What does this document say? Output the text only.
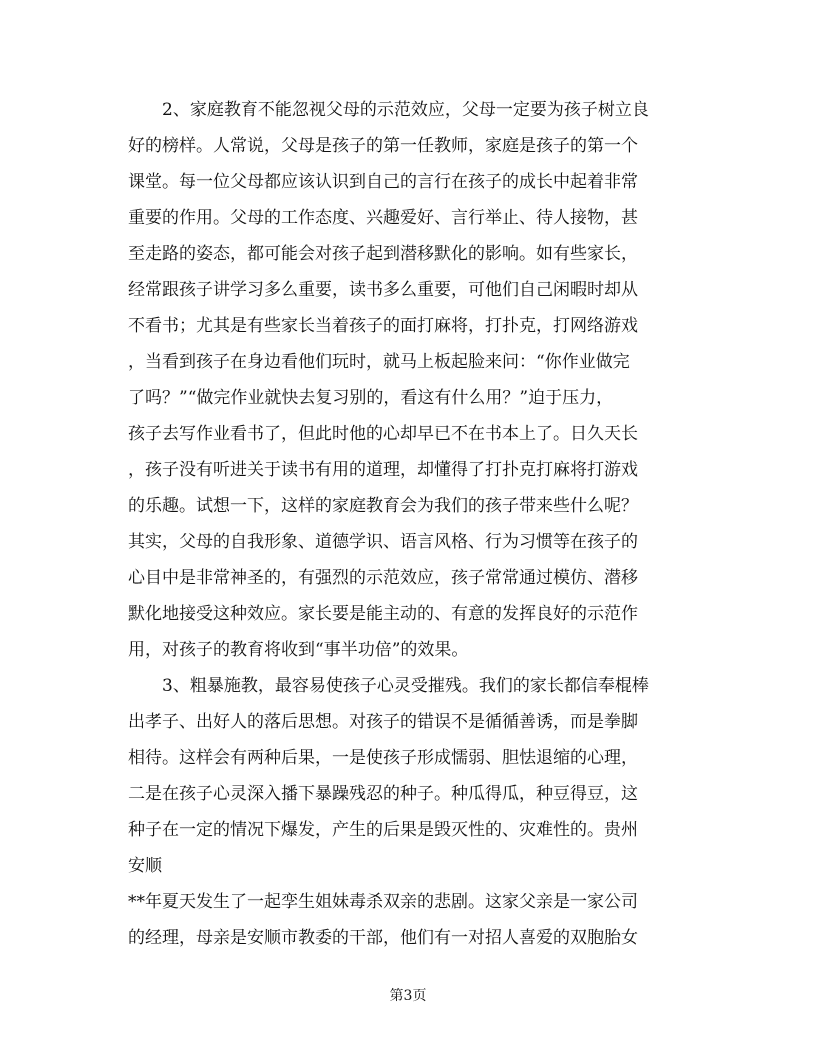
　　2、家庭教育不能忽视父母的示范效应，父母一定要为孩子树立良
好的榜样。人常说，父母是孩子的第一任教师，家庭是孩子的第一个
课堂。每一位父母都应该认识到自己的言行在孩子的成长中起着非常
重要的作用。父母的工作态度、兴趣爱好、言行举止、待人接物，甚
至走路的姿态，都可能会对孩子起到潜移默化的影响。如有些家长，
经常跟孩子讲学习多么重要，读书多么重要，可他们自己闲暇时却从
不看书；尤其是有些家长当着孩子的面打麻将，打扑克，打网络游戏
，当看到孩子在身边看他们玩时，就马上板起脸来问：“你作业做完
了吗？”“做完作业就快去复习别的，看这有什么用？”迫于压力，
孩子去写作业看书了，但此时他的心却早已不在书本上了。日久天长
，孩子没有听进关于读书有用的道理，却懂得了打扑克打麻将打游戏
的乐趣。试想一下，这样的家庭教育会为我们的孩子带来些什么呢？
其实，父母的自我形象、道德学识、语言风格、行为习惯等在孩子的
心目中是非常神圣的，有强烈的示范效应，孩子常常通过模仿、潜移
默化地接受这种效应。家长要是能主动的、有意的发挥良好的示范作
用，对孩子的教育将收到“事半功倍”的效果。
　　3、粗暴施教，最容易使孩子心灵受摧残。我们的家长都信奉棍棒
出孝子、出好人的落后思想。对孩子的错误不是循循善诱，而是拳脚
相待。这样会有两种后果，一是使孩子形成懦弱、胆怯退缩的心理，
二是在孩子心灵深入播下暴躁残忍的种子。种瓜得瓜，种豆得豆，这
种子在一定的情况下爆发，产生的后果是毁灭性的、灾难性的。贵州
安顺
**年夏天发生了一起孪生姐妹毒杀双亲的悲剧。这家父亲是一家公司
的经理，母亲是安顺市教委的干部，他们有一对招人喜爱的双胞胎女
第3页
